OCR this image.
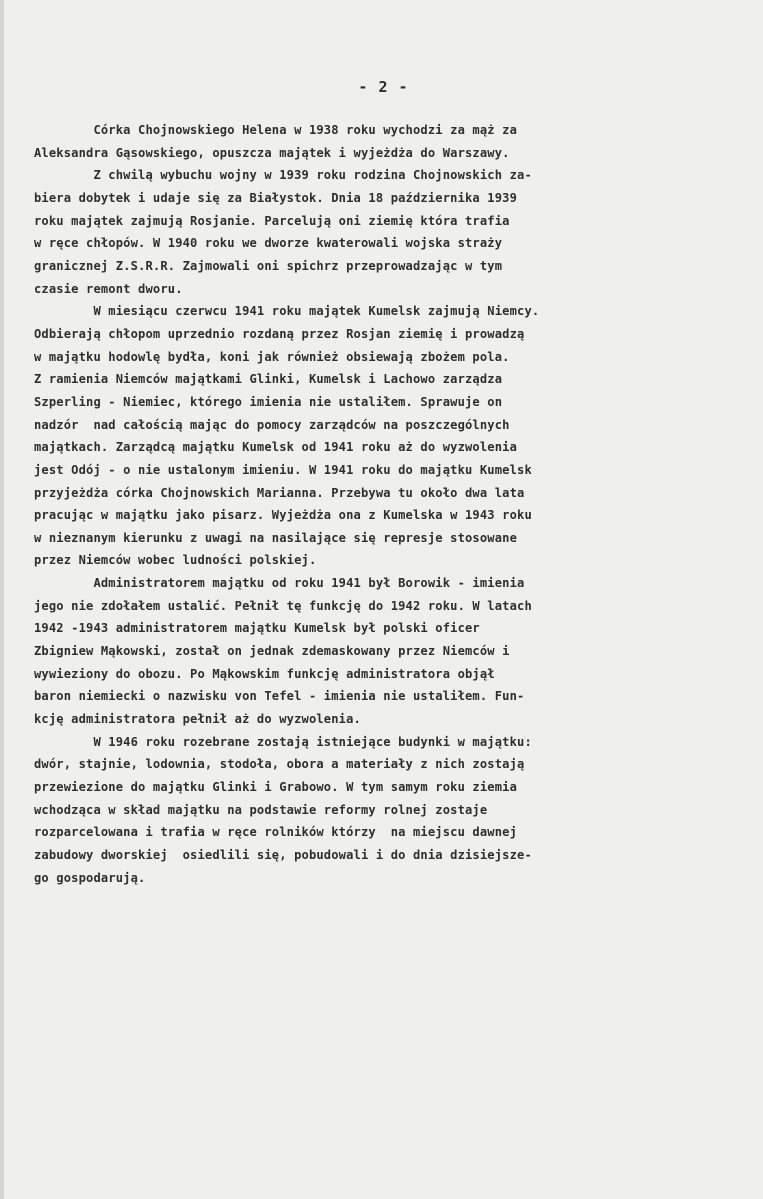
- 2 -
Córka Chojnowskiego Helena w 1938 roku wychodzi za mąż za
Aleksandra Gąsowskiego, opuszcza majątek i wyjeżdża do Warszawy.
Z chwilą wybuchu wojny w 1939 roku rodzina Chojnowskich za-
biera dobytek i udaje się za Białystok. Dnia 18 października 1939
roku majątek zajmują Rosjanie. Parcelują oni ziemię która trafia
w ręce chłopów. W 1940 roku we dworze kwaterowali wojska straży
granicznej Z.S.R.R. Zajmowali oni spichrz przeprowadzając w tym
czasie remont dworu.
W miesiącu czerwcu 1941 roku majątek Kumelsk zajmują Niemcy.
Odbierają chłopom uprzednio rozdaną przez Rosjan ziemię i prowadzą
w majątku hodowlę bydła, koni jak również obsiewają zbożem pola.
Z ramienia Niemców majątkami Glinki, Kumelsk i Lachowo zarządza
Szperling - Niemiec, którego imienia nie ustaliłem. Sprawuje on
nadzór  nad całością mając do pomocy zarządców na poszczególnych
majątkach. Zarządcą majątku Kumelsk od 1941 roku aż do wyzwolenia
jest Odój - o nie ustalonym imieniu. W 1941 roku do majątku Kumelsk
przyjeżdża córka Chojnowskich Marianna. Przebywa tu około dwa lata
pracując w majątku jako pisarz. Wyjeżdża ona z Kumelska w 1943 roku
w nieznanym kierunku z uwagi na nasilające się represje stosowane
przez Niemców wobec ludności polskiej.
Administratorem majątku od roku 1941 był Borowik - imienia
jego nie zdołałem ustalić. Pełnił tę funkcję do 1942 roku. W latach
1942 -1943 administratorem majątku Kumelsk był polski oficer
Zbigniew Mąkowski, został on jednak zdemaskowany przez Niemców i
wywieziony do obozu. Po Mąkowskim funkcję administratora objął
baron niemiecki o nazwisku von Tefel - imienia nie ustaliłem. Fun-
kcję administratora pełnił aż do wyzwolenia.
W 1946 roku rozebrane zostają istniejące budynki w majątku:
dwór, stajnie, lodownia, stodoła, obora a materiały z nich zostają
przewiezione do majątku Glinki i Grabowo. W tym samym roku ziemia
wchodząca w skład majątku na podstawie reformy rolnej zostaje
rozparcelowana i trafia w ręce rolników którzy  na miejscu dawnej
zabudowy dworskiej  osiedlili się, pobudowali i do dnia dzisiejsze-
go gospodarują.
